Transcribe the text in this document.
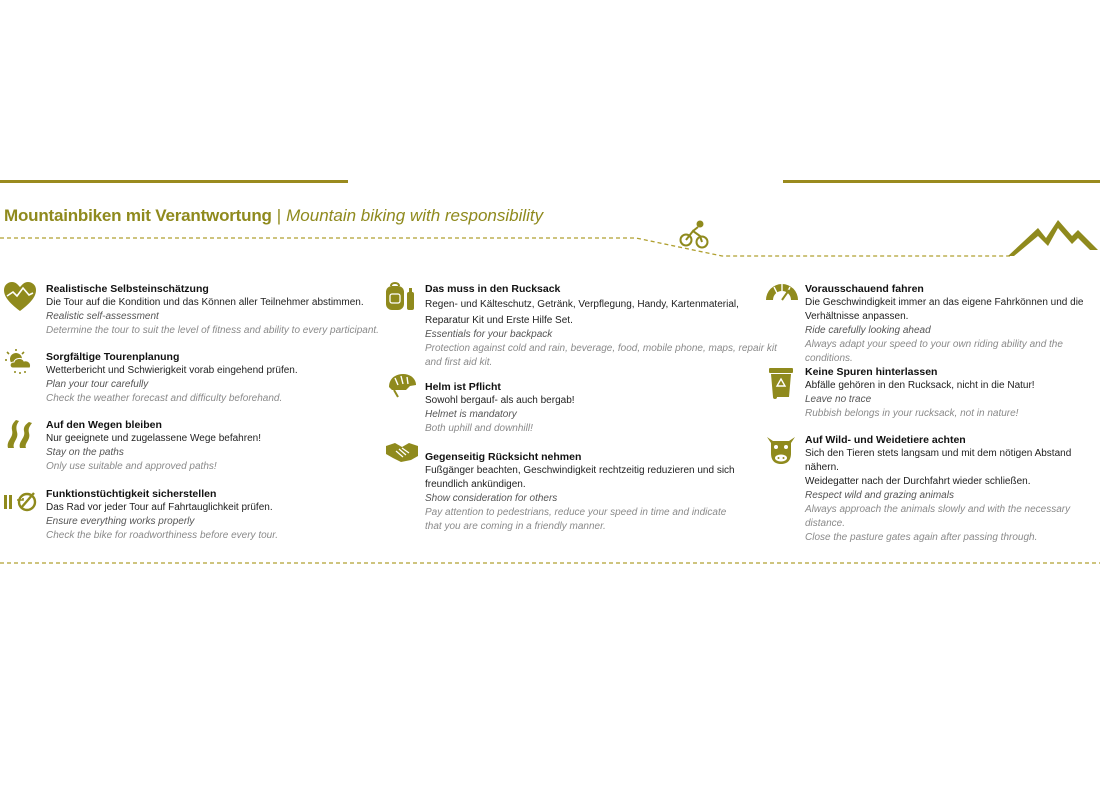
Mountainbiken mit Verantwortung | Mountain biking with responsibility
Realistische Selbsteinschätzung
Die Tour auf die Kondition und das Können aller Teilnehmer abstimmen.
Realistic self-assessment
Determine the tour to suit the level of fitness and ability to every participant.
Sorgfältige Tourenplanung
Wetterbericht und Schwierigkeit vorab eingehend prüfen.
Plan your tour carefully
Check the weather forecast and difficulty beforehand.
Auf den Wegen bleiben
Nur geeignete und zugelassene Wege befahren!
Stay on the paths
Only use suitable and approved paths!
Funktionstüchtigkeit sicherstellen
Das Rad vor jeder Tour auf Fahrtauglichkeit prüfen.
Ensure everything works properly
Check the bike for roadworthiness before every tour.
Das muss in den Rucksack
Regen- und Kälteschutz, Getränk, Verpflegung, Handy, Kartenmaterial,
Reparatur Kit und Erste Hilfe Set.
Essentials for your backpack
Protection against cold and rain, beverage, food, mobile phone, maps, repair kit
and first aid kit.
Helm ist Pflicht
Sowohl bergauf- als auch bergab!
Helmet is mandatory
Both uphill and downhill!
Gegenseitig Rücksicht nehmen
Fußgänger beachten, Geschwindigkeit rechtzeitig reduzieren und sich
freundlich ankündigen.
Show consideration for others
Pay attention to pedestrians, reduce your speed in time and indicate
that you are coming in a friendly manner.
Vorausschauend fahren
Die Geschwindigkeit immer an das eigene Fahrkönnen und die
Verhältnisse anpassen.
Ride carefully looking ahead
Always adapt your speed to your own riding ability and the conditions.
Keine Spuren hinterlassen
Abfälle gehören in den Rucksack, nicht in die Natur!
Leave no trace
Rubbish belongs in your rucksack, not in nature!
Auf Wild- und Weidetiere achten
Sich den Tieren stets langsam und mit dem nötigen Abstand nähern.
Weidegatter nach der Durchfahrt wieder schließen.
Respect wild and grazing animals
Always approach the animals slowly and with the necessary distance.
Close the pasture gates again after passing through.
